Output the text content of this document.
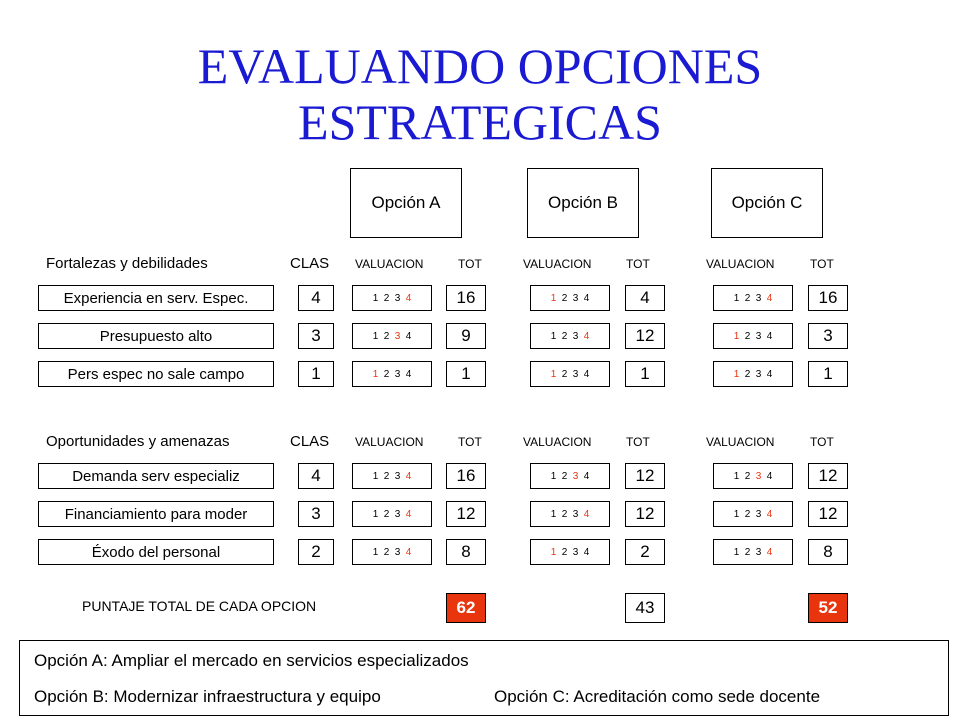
EVALUANDO OPCIONES
ESTRATEGICAS
Opción A	Opción B	Opción C
Fortalezas y debilidades	CLAS VALUACION	TOT	VALUACION	TOT	VALUACION	TOT
Experiencia en serv. Espec.	4	1 2 3 4	16	1 2 3 4	4	1 2 3 4	16
Presupuesto alto	3	1 2 3 4	9	1 2 3 4	12	1 2 3 4	3
Pers espec no sale campo	1	1 2 3 4	1	1 2 3 4	1	1 2 3 4	1
Oportunidades y amenazas	CLAS VALUACION	TOT	VALUACION	TOT	VALUACION	TOT
Demanda serv especializ	4	1 2 3 4	16	1 2 3 4	12	1 2 3 4	12
Financiamiento para moder	3	1 2 3 4	12	1 2 3 4	12	1 2 3 4	12
Éxodo del personal	2	1 2 3 4	8	1 2 3 4	2	1 2 3 4	8
PUNTAJE TOTAL DE CADA OPCION	62	43	52
Opción A: Ampliar el mercado en servicios especializados
Opción B: Modernizar infraestructura y equipo	Opción C: Acreditación como sede docente
